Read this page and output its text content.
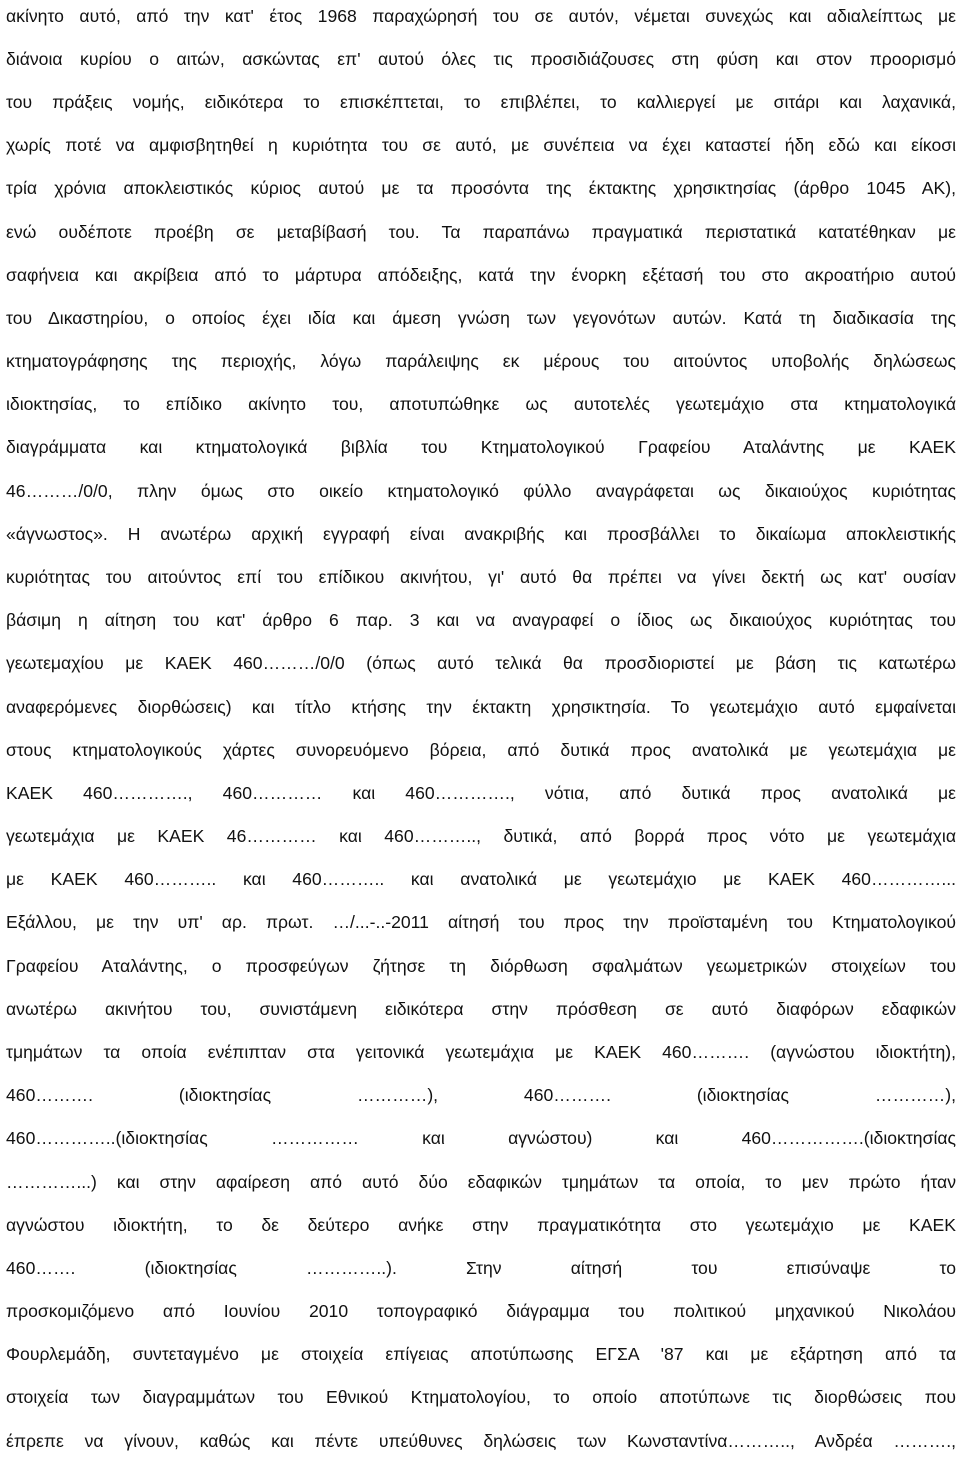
ακίνητο αυτό, από την κατ' έτος 1968 παραχώρησή του σε αυτόν, νέμεται συνεχώς και αδιαλείπτως με
διάνοια κυρίου ο αιτών, ασκώντας επ' αυτού όλες τις προσιδιάζουσες στη φύση και στον προορισμό
του πράξεις νομής, ειδικότερα το επισκέπτεται, το επιβλέπει, το καλλιεργεί με σιτάρι και λαχανικά,
χωρίς ποτέ να αμφισβητηθεί η κυριότητα του σε αυτό, με συνέπεια να έχει καταστεί ήδη εδώ και είκοσι
τρία χρόνια αποκλειστικός κύριος αυτού με τα προσόντα της έκτακτης χρησικτησίας (άρθρο 1045 ΑΚ),
ενώ ουδέποτε προέβη σε μεταβίβασή του. Τα παραπάνω πραγματικά περιστατικά κατατέθηκαν με
σαφήνεια και ακρίβεια από το μάρτυρα απόδειξης, κατά την ένορκη εξέτασή του στο ακροατήριο αυτού
του Δικαστηρίου, ο οποίος έχει ιδία και άμεση γνώση των γεγονότων αυτών. Κατά τη διαδικασία της
κτηματογράφησης της περιοχής, λόγω παράλειψης εκ μέρους του αιτούντος υποβολής δηλώσεως
ιδιοκτησίας, το επίδικο ακίνητο του, αποτυπώθηκε ως αυτοτελές γεωτεμάχιο στα κτηματολογικά
διαγράμματα και κτηματολογικά βιβλία του Κτηματολογικού Γραφείου Αταλάντης με ΚΑΕΚ
46………/0/0, πλην όμως στο οικείο κτηματολογικό φύλλο αναγράφεται ως δικαιούχος κυριότητας
«άγνωστος». Η ανωτέρω αρχική εγγραφή είναι ανακριβής και προσβάλλει το δικαίωμα αποκλειστικής
κυριότητας του αιτούντος επί του επίδικου ακινήτου, γι' αυτό θα πρέπει να γίνει δεκτή ως κατ' ουσίαν
βάσιμη η αίτηση του κατ' άρθρο 6 παρ. 3 και να αναγραφεί ο ίδιος ως δικαιούχος κυριότητας του
γεωτεμαχίου με ΚΑΕΚ 460………/0/0 (όπως αυτό τελικά θα προσδιοριστεί με βάση τις κατωτέρω
αναφερόμενες διορθώσεις) και τίτλο κτήσης την έκτακτη χρησικτησία. Το γεωτεμάχιο αυτό εμφαίνεται
στους κτηματολογικούς χάρτες συνορευόμενο βόρεια, από δυτικά προς ανατολικά με γεωτεμάχια με
ΚΑΕΚ 460…………., 460………… και 460…………., νότια, από δυτικά προς ανατολικά με
γεωτεμάχια με ΚΑΕΚ 46………… και 460……….., δυτικά, από βορρά προς νότο με γεωτεμάχια
με ΚΑΕΚ 460……….. και 460……….. και ανατολικά με γεωτεμάχιο με ΚΑΕΚ 460…………...
Εξάλλου, με την υπ' αρ. πρωτ. …/...-..-2011 αίτησή του προς την προϊσταμένη του Κτηματολογικού
Γραφείου Αταλάντης, ο προσφεύγων ζήτησε τη διόρθωση σφαλμάτων γεωμετρικών στοιχείων του
ανωτέρω ακινήτου του, συνιστάμενη ειδικότερα στην πρόσθεση σε αυτό διαφόρων εδαφικών
τμημάτων τα οποία ενέπιπταν στα γειτονικά γεωτεμάχια με ΚΑΕΚ 460………. (αγνώστου ιδιοκτήτη),
460………. (ιδιοκτησίας …………), 460………. (ιδιοκτησίας …………),
460…………..(ιδιοκτησίας …………… και αγνώστου) και 460…………….(ιδιοκτησίας
…………...) και στην αφαίρεση από αυτό δύο εδαφικών τμημάτων τα οποία, το μεν πρώτο ήταν
αγνώστου ιδιοκτήτη, το δε δεύτερο ανήκε στην πραγματικότητα στο γεωτεμάχιο με ΚΑΕΚ
460……. (ιδιοκτησίας …………..). Στην αίτησή του επισύναψε το
προσκομιζόμενο από Ιουνίου 2010 τοπογραφικό διάγραμμα του πολιτικού μηχανικού Νικολάου
Φουρλεμάδη, συντεταγμένο με στοιχεία επίγειας αποτύπωσης ΕΓΣΑ '87 και με εξάρτηση από τα
στοιχεία των διαγραμμάτων του Εθνικού Κτηματολογίου, το οποίο αποτύπωνε τις διορθώσεις που
έπρεπε να γίνουν, καθώς και πέντε υπεύθυνες δηλώσεις των Κωνσταντίνα……….., Ανδρέα ……….,
